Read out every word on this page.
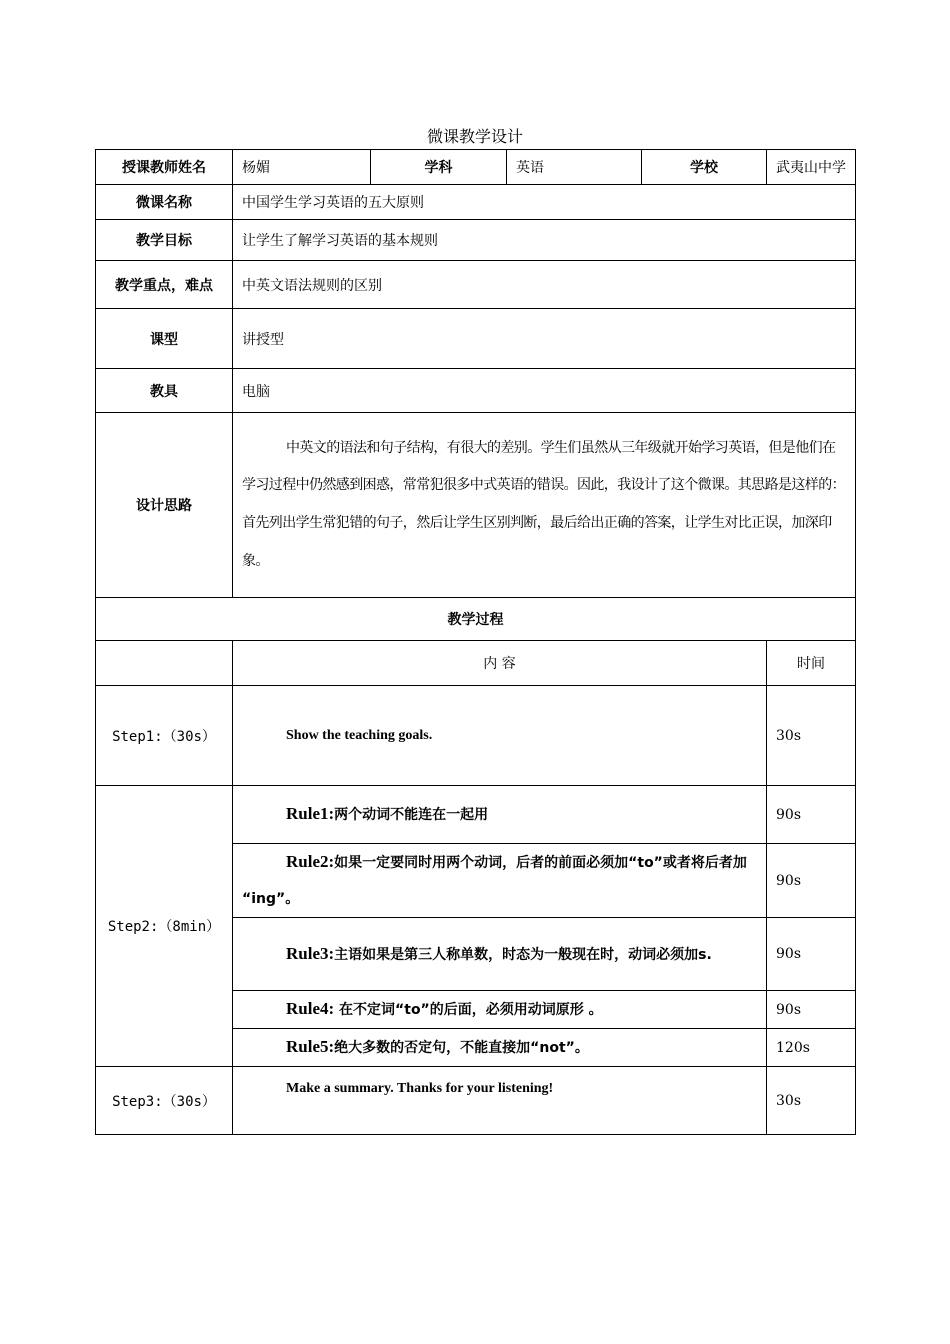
微课教学设计
授课教师姓名	杨媚	学科	英语	学校	武夷山中学
微课名称	中国学生学习英语的五大原则				
教学目标	让学生了解学习英语的基本规则				
教学重点，难点	中英文语法规则的区别				
课型	讲授型				
教具	电脑				
设计思路	中英文的语法和句子结构，有很大的差别。学生们虽然从三年级就开始学习英语，但是他们在学习过程中仍然感到困惑，常常犯很多中式英语的错误。因此，我设计了这个微课。其思路是这样的：首先列出学生常犯错的句子，然后让学生区别判断，最后给出正确的答案，让学生对比正误，加深印象。				
教学过程					
	内 容				时间
Step1:（30s）	Show the teaching goals.				30s
Step2:（8min）	Rule1:两个动词不能连在一起用				90s
	Rule2:如果一定要同时用两个动词，后者的前面必须加“to”或者将后者加 “ing”。				90s
	Rule3:主语如果是第三人称单数，时态为一般现在时，动词必须加s.				90s
	Rule4: 在不定词“to”的后面，必须用动词原形 。				90s
	Rule5:绝大多数的否定句，不能直接加“not”。				120s
Step3:（30s）	Make a summary. Thanks for your listening!				30s
